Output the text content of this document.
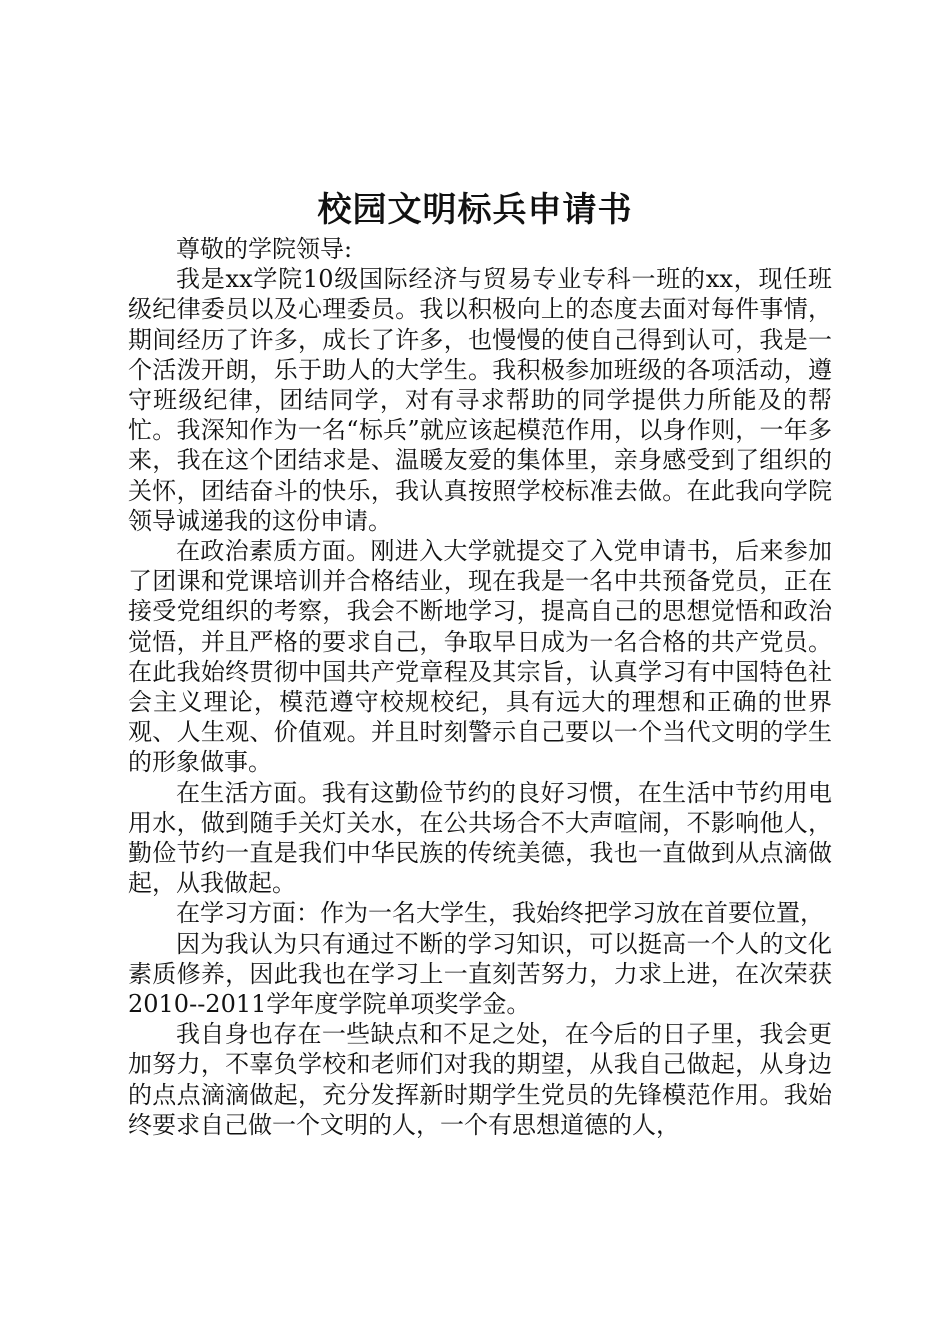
校园文明标兵申请书

尊敬的学院领导:

我是xx学院10级国际经济与贸易专业专科一班的xx，现任班级纪律委员以及心理委员。我以积极向上的态度去面对每件事情，期间经历了许多，成长了许多，也慢慢的使自己得到认可，我是一个活泼开朗，乐于助人的大学生。我积极参加班级的各项活动，遵守班级纪律，团结同学，对有寻求帮助的同学提供力所能及的帮忙。我深知作为一名“标兵”就应该起模范作用，以身作则，一年多来，我在这个团结求是、温暖友爱的集体里，亲身感受到了组织的关怀，团结奋斗的快乐，我认真按照学校标准去做。在此我向学院领导诚递我的这份申请。

在政治素质方面。刚进入大学就提交了入党申请书，后来参加了团课和党课培训并合格结业，现在我是一名中共预备党员，正在接受党组织的考察，我会不断地学习，提高自己的思想觉悟和政治觉悟，并且严格的要求自己，争取早日成为一名合格的共产党员。在此我始终贯彻中国共产党章程及其宗旨，认真学习有中国特色社会主义理论，模范遵守校规校纪，具有远大的理想和正确的世界观、人生观、价值观。并且时刻警示自己要以一个当代文明的学生的形象做事。

在生活方面。我有这勤俭节约的良好习惯，在生活中节约用电用水，做到随手关灯关水，在公共场合不大声喧闹，不影响他人，勤俭节约一直是我们中华民族的传统美德，我也一直做到从点滴做起，从我做起。

在学习方面：作为一名大学生，我始终把学习放在首要位置，

因为我认为只有通过不断的学习知识，可以挺高一个人的文化素质修养，因此我也在学习上一直刻苦努力，力求上进，在次荣获2010--2011学年度学院单项奖学金。

我自身也存在一些缺点和不足之处，在今后的日子里，我会更加努力，不辜负学校和老师们对我的期望，从我自己做起，从身边的点点滴滴做起，充分发挥新时期学生党员的先锋模范作用。我始终要求自己做一个文明的人，一个有思想道德的人，
